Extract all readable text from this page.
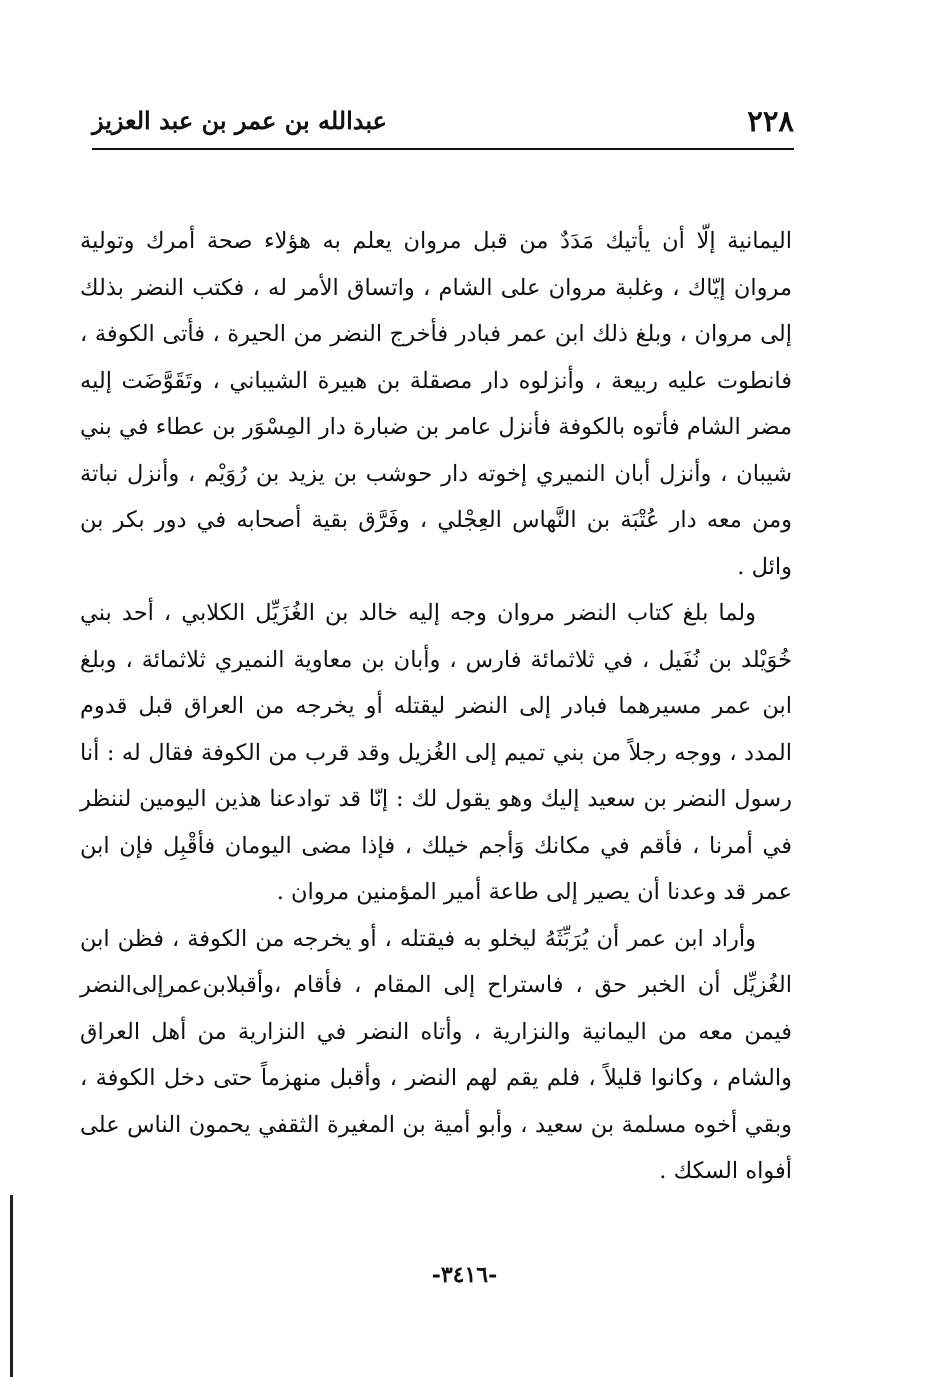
٢٢٨
عبدالله بن عمر بن عبد العزيز

اليمانية إلّا أن يأتيك مَدَدٌ من قبل مروان يعلم به هؤلاء صحة أمرك وتولية مروان إيّاك ، وغلبة مروان على الشام ، واتساق الأمر له ، فكتب النضر بذلك إلى مروان ، وبلغ ذلك ابن عمر فبادر فأخرج النضر من الحيرة ، فأتى الكوفة ، فانطوت عليه ربيعة ، وأنزلوه دار مصقلة بن هبيرة الشيباني ، وتَقَوَّضَت إليه مضر الشام فأتوه بالكوفة فأنزل عامر بن ضبارة دار المِسْوَر بن عطاء في بني شيبان ، وأنزل أبان النميري إخوته دار حوشب بن يزيد بن رُوَيْم ، وأنزل نباتة ومن معه دار عُتْبَة بن النَّهاس العِجْلي ، وفَرَّق بقية أصحابه في دور بكر بن وائل .

ولما بلغ كتاب النضر مروان وجه إليه خالد بن الغُزَيِّل الكلابي ، أحد بني خُوَيْلد بن نُفَيل ، في ثلاثمائة فارس ، وأبان بن معاوية النميري ثلاثمائة ، وبلغ ابن عمر مسيرهما فبادر إلى النضر ليقتله أو يخرجه من العراق قبل قدوم المدد ، ووجه رجلاً من بني تميم إلى الغُزيل وقد قرب من الكوفة فقال له : أنا رسول النضر بن سعيد إليك وهو يقول لك : إنّا قد توادعنا هذين اليومين لننظر في أمرنا ، فأقم في مكانك وَأجم خيلك ، فإذا مضى اليومان فأقْبِل فإن ابن عمر قد وعدنا أن يصير إلى طاعة أمير المؤمنين مروان .

وأراد ابن عمر أن يُرَبِّثَهُ ليخلو به فيقتله ، أو يخرجه من الكوفة ، فظن ابن الغُزيِّل أن الخبر حق ، فاستراح إلى المقام ، فأقام ،وأقبلابن‌عمرإلى‌النضر فيمن معه من اليمانية والنزارية ، وأتاه النضر في النزارية من أهل العراق والشام ، وكانوا قليلاً ، فلم يقم لهم النضر ، وأقبل منهزماً حتى دخل الكوفة ، وبقي أخوه مسلمة بن سعيد ، وأبو أمية بن المغيرة الثقفي يحمون الناس على أفواه السكك .

-٣٤١٦-
